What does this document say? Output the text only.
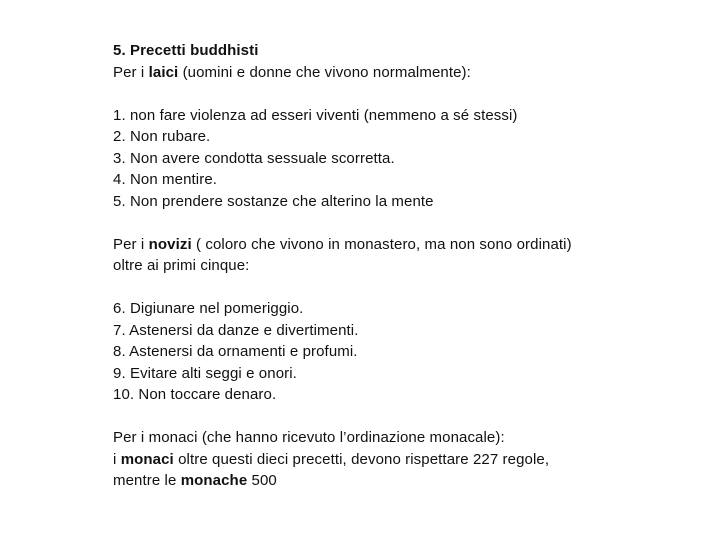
5. Precetti buddhisti
Per i laici (uomini e donne che vivono normalmente):
1. non fare violenza ad esseri viventi (nemmeno a sé stessi)
2. Non rubare.
3. Non avere condotta sessuale scorretta.
4. Non mentire.
5. Non prendere sostanze che alterino la mente
Per i novizi ( coloro che vivono in monastero, ma non sono ordinati)
oltre ai primi cinque:
6. Digiunare nel pomeriggio.
7. Astenersi da danze e divertimenti.
8. Astenersi da ornamenti e profumi.
9. Evitare alti seggi e onori.
10. Non toccare denaro.
Per i monaci (che hanno ricevuto l’ordinazione monacale):
i monaci oltre questi dieci precetti, devono rispettare 227 regole,
mentre le monache 500
